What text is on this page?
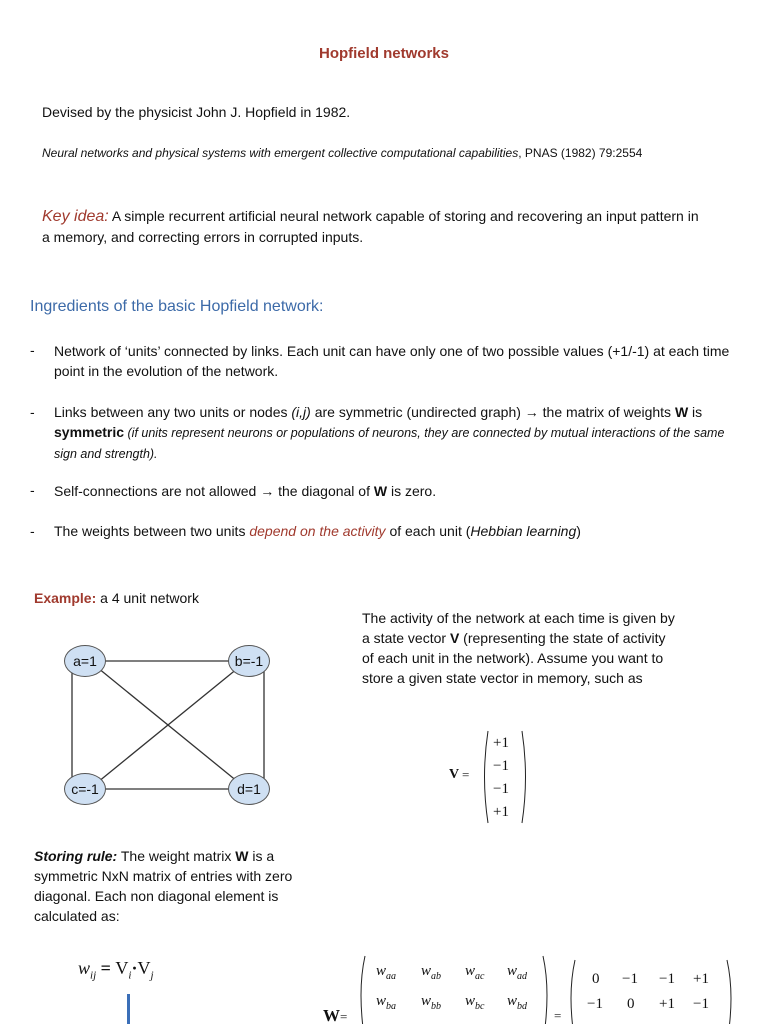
Hopfield networks
Devised by the physicist John J. Hopfield in 1982.
Neural networks and physical systems with emergent collective computational capabilities, PNAS (1982) 79:2554
Key idea: A simple recurrent artificial neural network capable of storing and recovering an input pattern in a memory, and correcting errors in corrupted inputs.
Ingredients of the basic Hopfield network:
- Network of ‘units’ connected by links. Each unit can have only one of two possible values (+1/-1) at each time point in the evolution of the network.
- Links between any two units or nodes (i,j) are symmetric (undirected graph) → the matrix of weights W is symmetric (if units represent neurons or populations of neurons, they are connected by mutual interactions of the same sign and strength).
- Self-connections are not allowed → the diagonal of W is zero.
- The weights between two units depend on the activity of each unit (Hebbian learning)
Example: a 4 unit network
a=1	b=-1
c=-1	d=1
The activity of the network at each time is given by a state vector V (representing the state of activity of each unit in the network). Assume you want to store a given state vector in memory, such as
V =
+1
−1
−1
+1
Storing rule: The weight matrix W is a symmetric NxN matrix of entries with zero diagonal. Each non diagonal element is calculated as:
$w_{ij} = V_i\cdot V_j$
W=
$w_{aa}$ $w_{ab}$ $w_{ac}$ $w_{ad}$
$w_{ba}$ $w_{bb}$ $w_{bc}$ $w_{bd}$
=
0 −1 −1 +1
−1 0 +1 −1
